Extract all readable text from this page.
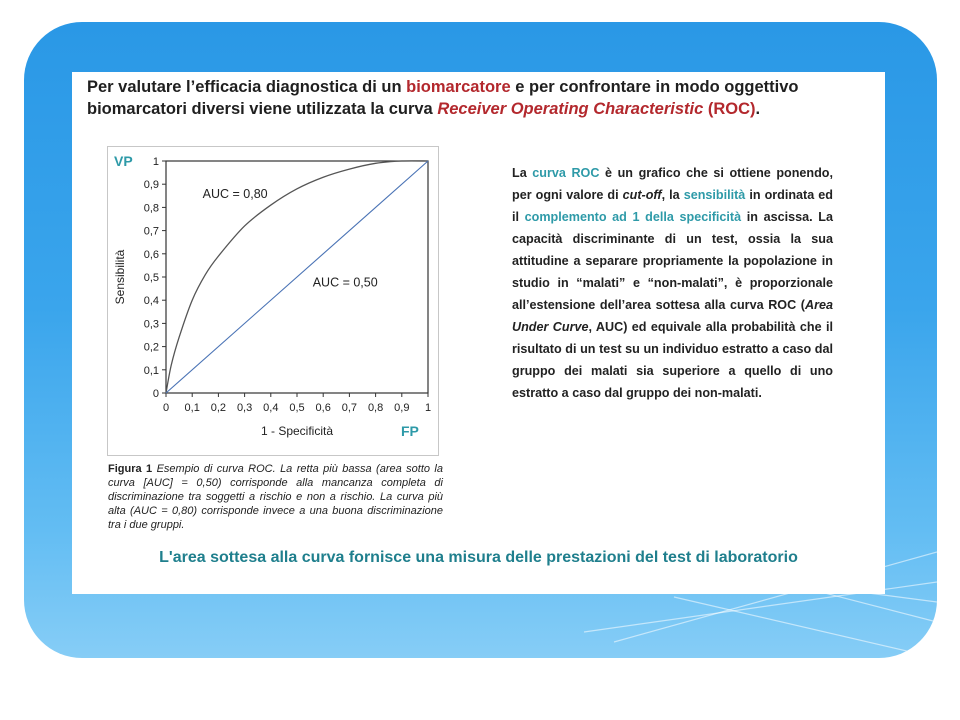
Per valutare l’efficacia diagnostica di un biomarcatore e per confrontare in modo oggettivo biomarcatori diversi viene utilizzata la curva Receiver Operating Characteristic (ROC).
0 0,1 0,2 0,3 0,4 0,5 0,6 0,7 0,8 0,9 1
0
0,1
0,2
0,3
0,4
0,5
0,6
0,7
0,8
0,9
1
1 - Specificità
Sensibilità
AUC = 0,80
AUC = 0,50
VP
FP
Figura 1 Esempio di curva ROC. La retta più bassa (area sotto la curva [AUC] = 0,50) corrisponde alla mancanza completa di discriminazione tra soggetti a rischio e non a rischio. La curva più alta (AUC = 0,80) corrisponde invece a una buona discriminazione tra i due gruppi.
La curva ROC è un grafico che si ottiene ponendo, per ogni valore di cut-off, la sensibilità in ordinata ed il complemento ad 1 della specificità in ascissa. La capacità discriminante di un test, ossia la sua attitudine a separare propriamente la popolazione in studio in “malati” e “non-malati”, è proporzionale all’estensione dell’area sottesa alla curva ROC (Area Under Curve, AUC) ed equivale alla probabilità che il risultato di un test su un individuo estratto a caso dal gruppo dei malati sia superiore a quello di uno estratto a caso dal gruppo dei non-malati.
L'area sottesa alla curva fornisce una misura delle prestazioni del test di laboratorio
